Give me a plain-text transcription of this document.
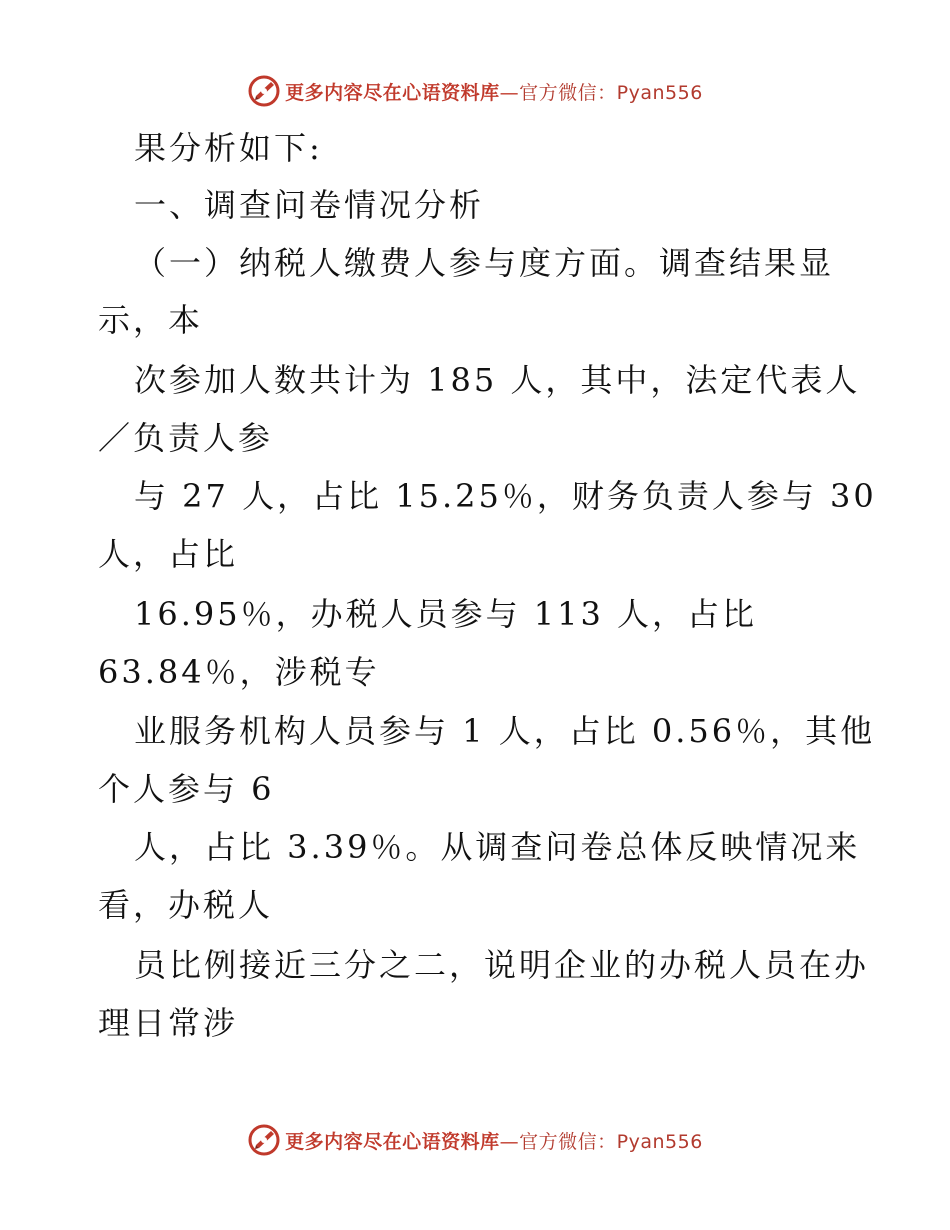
更多内容尽在心语资料库—官方微信：Pyan556
果分析如下:
一、调查问卷情况分析
（一）纳税人缴费人参与度方面。调查结果显
示，本
次参加人数共计为 185 人，其中，法定代表人
／负责人参
与 27 人，占比 15.25％，财务负责人参与 30
人，占比
16.95％，办税人员参与 113 人，占比
63.84％，涉税专
业服务机构人员参与 1 人，占比 0.56％，其他
个人参与 6
人，占比 3.39％。从调查问卷总体反映情况来
看，办税人
员比例接近三分之二，说明企业的办税人员在办
理日常涉
更多内容尽在心语资料库—官方微信：Pyan556
